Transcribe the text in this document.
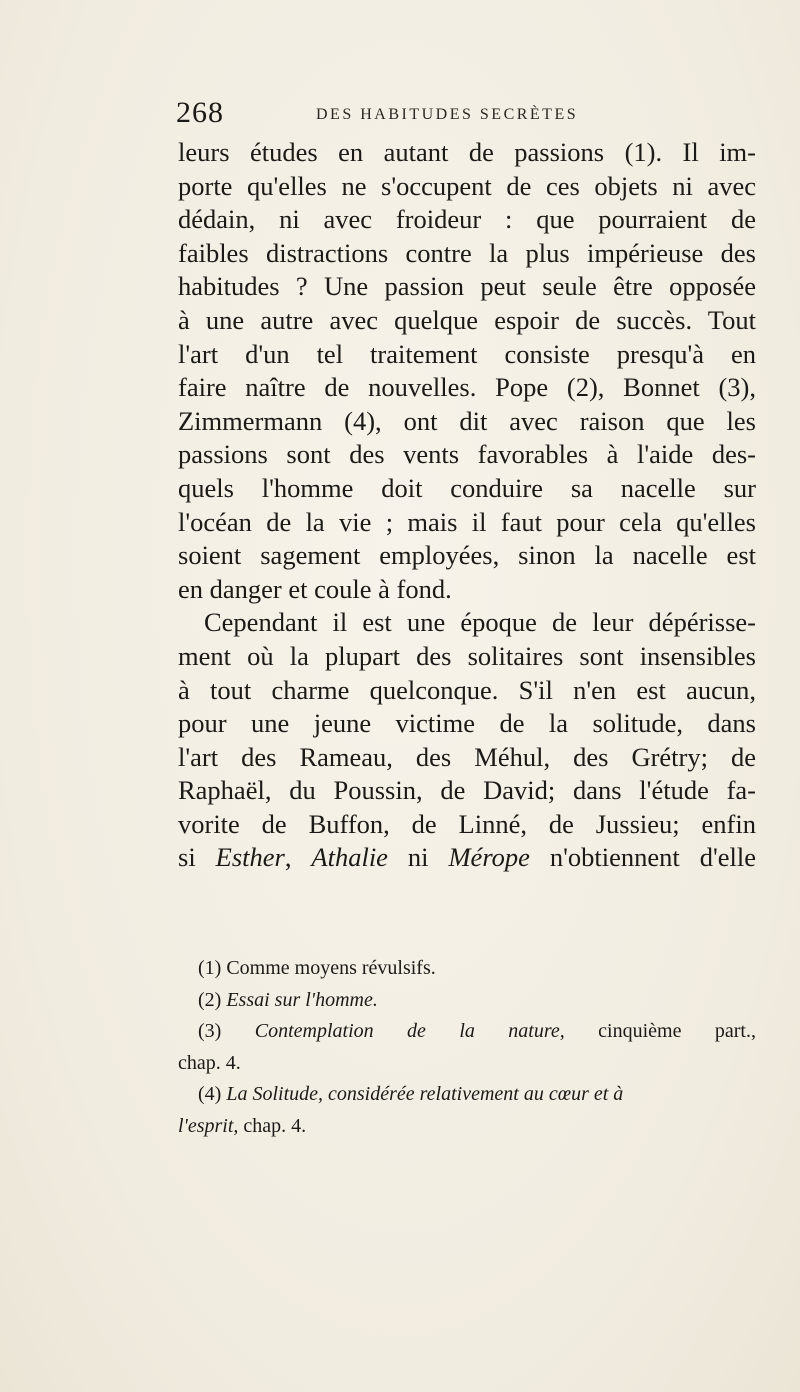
268	DES HABITUDES SECRÈTES
leurs études en autant de passions (1). Il im-
porte qu'elles ne s'occupent de ces objets ni avec
dédain, ni avec froideur : que pourraient de
faibles distractions contre la plus impérieuse des
habitudes ? Une passion peut seule être opposée
à une autre avec quelque espoir de succès. Tout
l'art d'un tel traitement consiste presqu'à en
faire naître de nouvelles. Pope (2), Bonnet (3),
Zimmermann (4), ont dit avec raison que les
passions sont des vents favorables à l'aide des-
quels l'homme doit conduire sa nacelle sur
l'océan de la vie ; mais il faut pour cela qu'elles
soient sagement employées, sinon la nacelle est
en danger et coule à fond.
Cependant il est une époque de leur dépérisse-
ment où la plupart des solitaires sont insensibles
à tout charme quelconque. S'il n'en est aucun,
pour une jeune victime de la solitude, dans
l'art des Rameau, des Méhul, des Grétry; de
Raphaël, du Poussin, de David; dans l'étude fa-
vorite de Buffon, de Linné, de Jussieu; enfin
si Esther, Athalie ni Mérope n'obtiennent d'elle
(1) Comme moyens révulsifs.
(2) Essai sur l'homme.
(3) Contemplation de la nature, cinquième part.,
chap. 4.
(4) La Solitude, considérée relativement au cœur et à
l'esprit, chap. 4.
